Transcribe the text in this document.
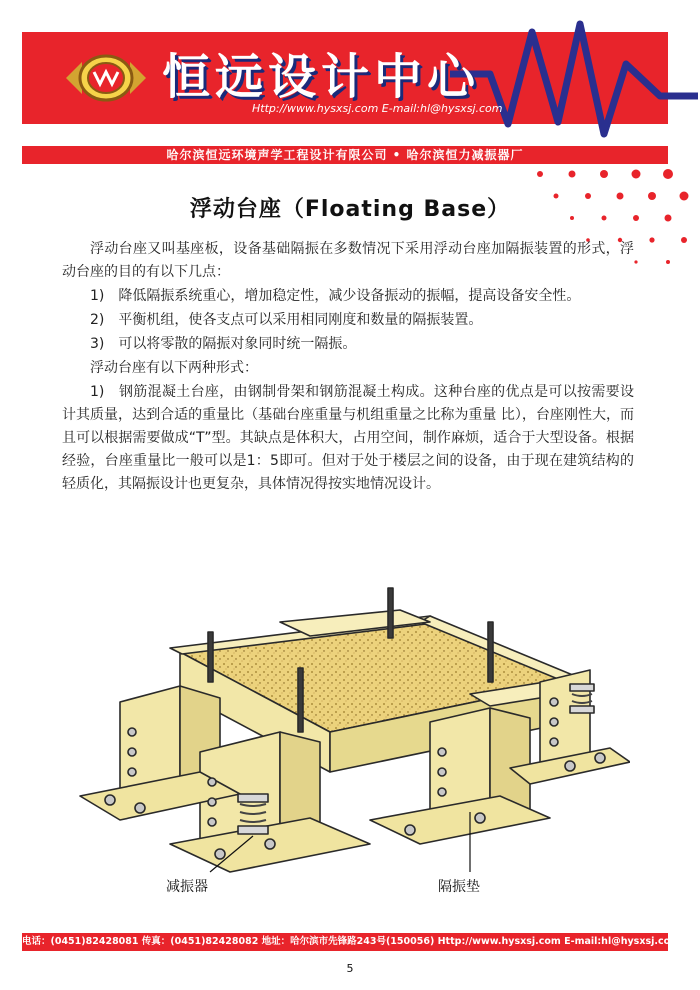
恒远设计中心
Http://www.hysxsj.com E-mail:hl@hysxsj.com
哈尔滨恒远环境声学工程设计有限公司 • 哈尔滨恒力减振器厂
浮动台座（Floating Base）

浮动台座又叫基座板，设备基础隔振在多数情况下采用浮动台座加隔振装置的形式，浮动台座的目的有以下几点：

1)　降低隔振系统重心，增加稳定性，减少设备振动的振幅，提高设备安全性。

2)　平衡机组，使各支点可以采用相同刚度和数量的隔振装置。

3)　可以将零散的隔振对象同时统一隔振。

浮动台座有以下两种形式：

1)　钢筋混凝土台座，由钢制骨架和钢筋混凝土构成。这种台座的优点是可以按需要设计其质量，达到合适的重量比（基础台座重量与机组重量之比称为重量 比），台座刚性大，而且可以根据需要做成“T”型。其缺点是体积大，占用空间，制作麻烦，适合于大型设备。根据经验，台座重量比一般可以是1：5即可。但对于处于楼层之间的设备，由于现在建筑结构的轻质化，其隔振设计也更复杂，具体情况得按实地情况设计。

减振器	隔振垫
电话：(0451)82428081 传真：(0451)82428082 地址：哈尔滨市先锋路243号(150056) Http://www.hysxsj.com E-mail:hl@hysxsj.com
5
